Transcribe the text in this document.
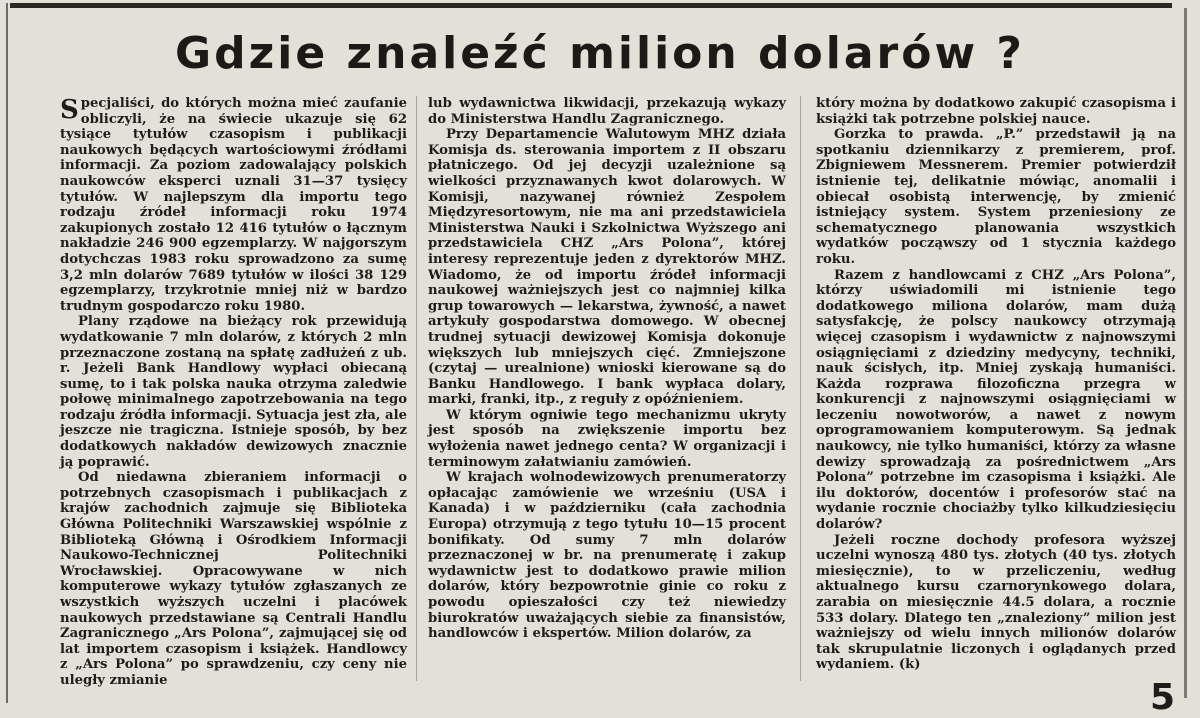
Gdzie znaleźć milion dolarów ?

Specjaliści, do których można mieć zaufanie obliczyli, że na świecie ukazuje się 62 tysiące tytułów czasopism i publikacji naukowych będących wartościowymi źródłami informacji. Za poziom zadowalający polskich naukowców eksperci uznali 31—37 tysięcy tytułów. W najlepszym dla importu tego rodzaju źródeł informacji roku 1974 zakupionych zostało 12 416 tytułów o łącznym nakładzie 246 900 egzemplarzy. W najgorszym dotychczas 1983 roku sprowadzono za sumę 3,2 mln dolarów 7689 tytułów w ilości 38 129 egzemplarzy, trzykrotnie mniej niż w bardzo trudnym gospodarczo roku 1980.

Plany rządowe na bieżący rok przewidują wydatkowanie 7 mln dolarów, z których 2 mln przeznaczone zostaną na spłatę zadłużeń z ub. r. Jeżeli Bank Handlowy wypłaci obiecaną sumę, to i tak polska nauka otrzyma zaledwie połowę minimalnego zapotrzebowania na tego rodzaju źródła informacji. Sytuacja jest zła, ale jeszcze nie tragiczna. Istnieje sposób, by bez dodatkowych nakładów dewizowych znacznie ją poprawić.

Od niedawna zbieraniem informacji o potrzebnych czasopismach i publikacjach z krajów zachodnich zajmuje się Biblioteka Główna Politechniki Warszawskiej wspólnie z Biblioteką Główną i Ośrodkiem Informacji Naukowo-Technicznej Politechniki Wrocławskiej. Opracowywane w nich komputerowe wykazy tytułów zgłaszanych ze wszystkich wyższych uczelni i placówek naukowych przedstawiane są Centrali Handlu Zagranicznego „Ars Polona”, zajmującej się od lat importem czasopism i książek. Handlowcy z „Ars Polona” po sprawdzeniu, czy ceny nie uległy zmianie

lub wydawnictwa likwidacji, przekazują wykazy do Ministerstwa Handlu Zagranicznego.

Przy Departamencie Walutowym MHZ działa Komisja ds. sterowania importem z II obszaru płatniczego. Od jej decyzji uzależnione są wielkości przyznawanych kwot dolarowych. W Komisji, nazywanej również Zespołem Międzyresortowym, nie ma ani przedstawiciela Ministerstwa Nauki i Szkolnictwa Wyższego ani przedstawiciela CHZ „Ars Polona”, której interesy reprezentuje jeden z dyrektorów MHZ. Wiadomo, że od importu źródeł informacji naukowej ważniejszych jest co najmniej kilka grup towarowych — lekarstwa, żywność, a nawet artykuły gospodarstwa domowego. W obecnej trudnej sytuacji dewizowej Komisja dokonuje większych lub mniejszych cięć. Zmniejszone (czytaj — urealnione) wnioski kierowane są do Banku Handlowego. I bank wypłaca dolary, marki, franki, itp., z reguły z opóźnieniem.

W którym ogniwie tego mechanizmu ukryty jest sposób na zwiększenie importu bez wyłożenia nawet jednego centa? W organizacji i terminowym załatwianiu zamówień.

W krajach wolnodewizowych prenumeratorzy opłacając zamówienie we wrześniu (USA i Kanada) i w październiku (cała zachodnia Europa) otrzymują z tego tytułu 10—15 procent bonifikaty. Od sumy 7 mln dolarów przeznaczonej w br. na prenumeratę i zakup wydawnictw jest to dodatkowo prawie milion dolarów, który bezpowrotnie ginie co roku z powodu opieszałości czy też niewiedzy biurokratów uważających siebie za finansistów, handlowców i ekspertów. Milion dolarów, za

który można by dodatkowo zakupić czasopisma i książki tak potrzebne polskiej nauce.

Gorzka to prawda. „P.” przedstawił ją na spotkaniu dziennikarzy z premierem, prof. Zbigniewem Messnerem. Premier potwierdził istnienie tej, delikatnie mówiąc, anomalii i obiecał osobistą interwencję, by zmienić istniejący system. System przeniesiony ze schematycznego planowania wszystkich wydatków począwszy od 1 stycznia każdego roku.

Razem z handlowcami z CHZ „Ars Polona”, którzy uświadomili mi istnienie tego dodatkowego miliona dolarów, mam dużą satysfakcję, że polscy naukowcy otrzymają więcej czasopism i wydawnictw z najnowszymi osiągnięciami z dziedziny medycyny, techniki, nauk ścisłych, itp. Mniej zyskają humaniści. Każda rozprawa filozoficzna przegra w konkurencji z najnowszymi osiągnięciami w leczeniu nowotworów, a nawet z nowym oprogramowaniem komputerowym. Są jednak naukowcy, nie tylko humaniści, którzy za własne dewizy sprowadzają za pośrednictwem „Ars Polona” potrzebne im czasopisma i książki. Ale ilu doktorów, docentów i profesorów stać na wydanie rocznie chociażby tylko kilkudziesięciu dolarów?

Jeżeli roczne dochody profesora wyższej uczelni wynoszą 480 tys. złotych (40 tys. złotych miesięcznie), to w przeliczeniu, według aktualnego kursu czarnorynkowego dolara, zarabia on miesięcznie 44.5 dolara, a rocznie 533 dolary. Dlatego ten „znaleziony” milion jest ważniejszy od wielu innych milionów dolarów tak skrupulatnie liczonych i oglądanych przed wydaniem. (k)

5
